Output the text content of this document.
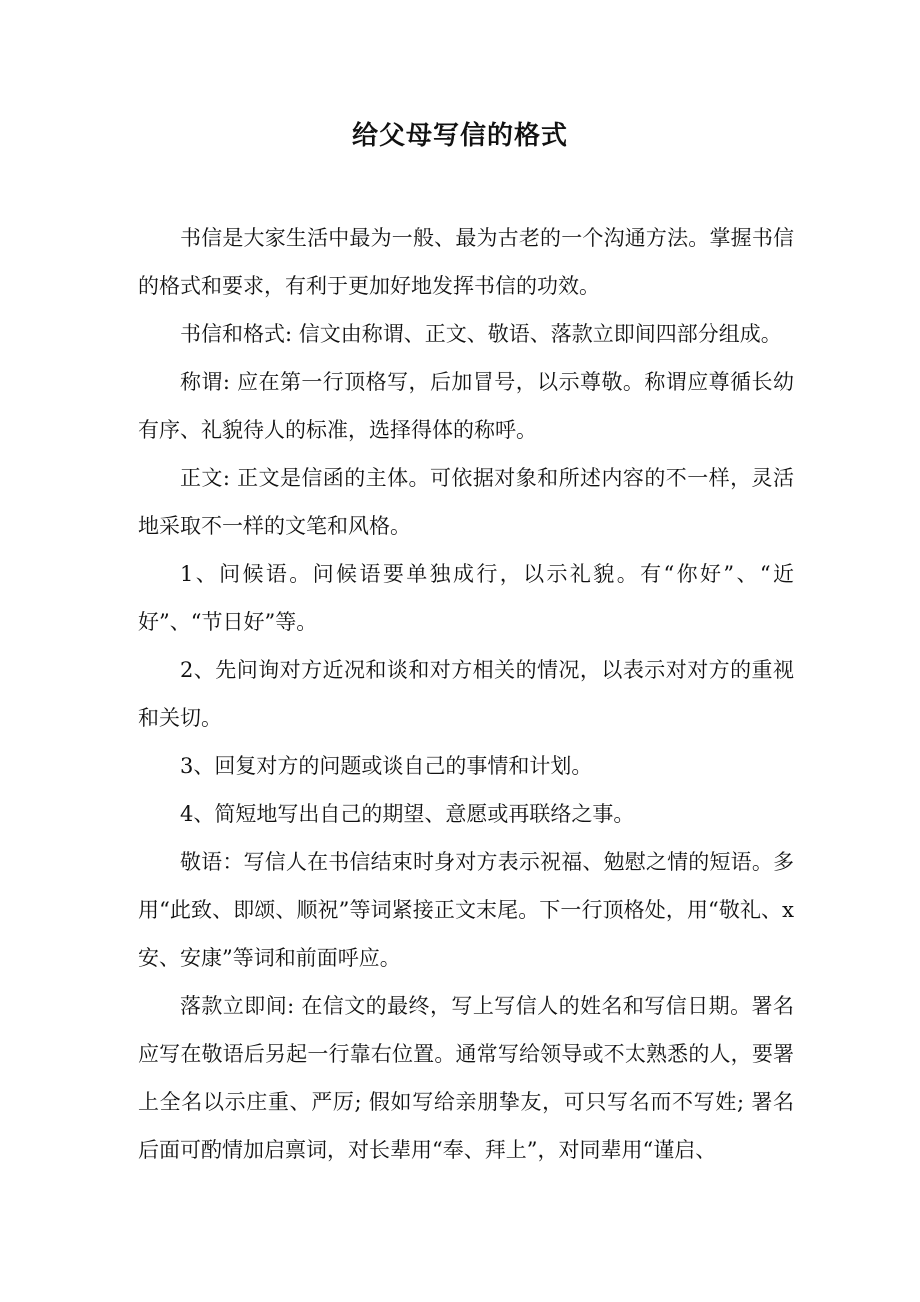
给父母写信的格式

书信是大家生活中最为一般、最为古老的一个沟通方法。掌握书信的格式和要求，有利于更加好地发挥书信的功效。

书信和格式: 信文由称谓、正文、敬语、落款立即间四部分组成。

称谓: 应在第一行顶格写，后加冒号，以示尊敬。称谓应尊循长幼有序、礼貌待人的标准，选择得体的称呼。

正文: 正文是信函的主体。可依据对象和所述内容的不一样，灵活地采取不一样的文笔和风格。

1、问候语。问候语要单独成行，以示礼貌。有“你好”、“近好”、“节日好”等。

2、先问询对方近况和谈和对方相关的情况，以表示对对方的重视和关切。

3、回复对方的问题或谈自己的事情和计划。

4、简短地写出自己的期望、意愿或再联络之事。

敬语：写信人在书信结束时身对方表示祝福、勉慰之情的短语。多用“此致、即颂、顺祝”等词紧接正文末尾。下一行顶格处，用“敬礼、x安、安康”等词和前面呼应。

落款立即间: 在信文的最终，写上写信人的姓名和写信日期。署名应写在敬语后另起一行靠右位置。通常写给领导或不太熟悉的人，要署上全名以示庄重、严厉; 假如写给亲朋挚友，可只写名而不写姓; 署名后面可酌情加启禀词，对长辈用“奉、拜上”，对同辈用“谨启、
